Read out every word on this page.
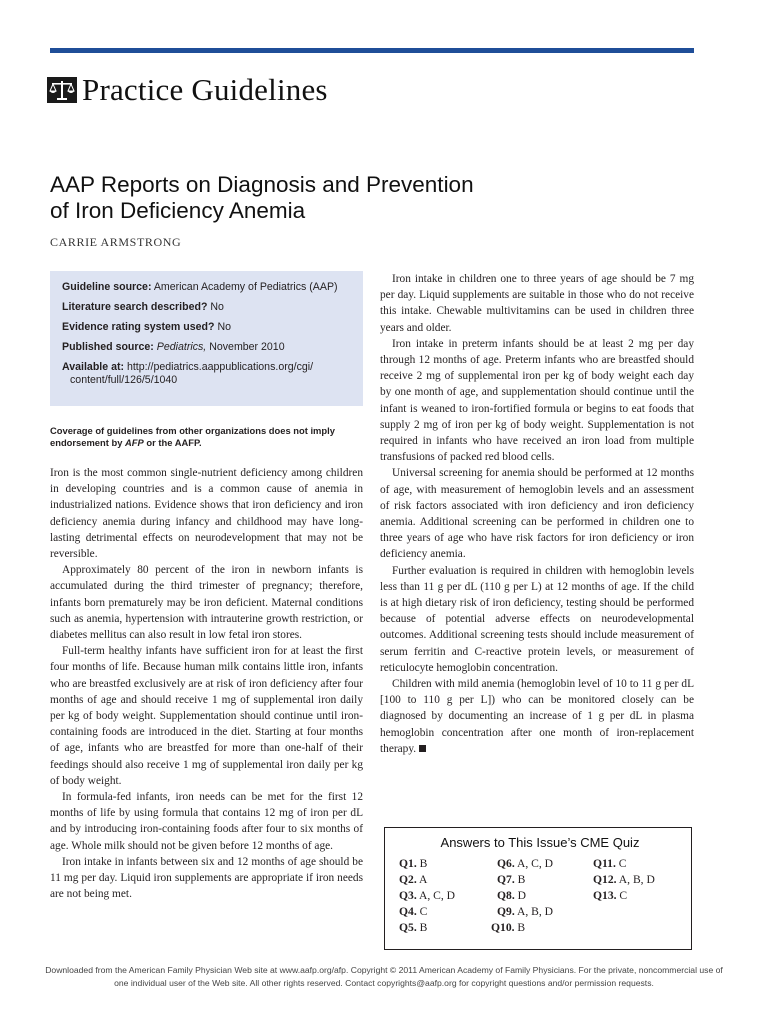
Practice Guidelines
AAP Reports on Diagnosis and Prevention
of Iron Deficiency Anemia
CARRIE ARMSTRONG
Guideline source: American Academy of Pediatrics (AAP)
Literature search described? No
Evidence rating system used? No
Published source: Pediatrics, November 2010
Available at: http://pediatrics.aappublications.org/cgi/
content/full/126/5/1040
Coverage of guidelines from other organizations does not imply endorsement by AFP or the AAFP.

Iron is the most common single-nutrient deficiency among children in developing countries and is a common cause of anemia in industrialized nations. Evidence shows that iron deficiency and iron deficiency anemia during infancy and childhood may have long-lasting detrimental effects on neurodevelopment that may not be reversible.

Approximately 80 percent of the iron in newborn infants is accumulated during the third trimester of pregnancy; therefore, infants born prematurely may be iron deficient. Maternal conditions such as anemia, hypertension with intrauterine growth restriction, or diabetes mellitus can also result in low fetal iron stores.

Full-term healthy infants have sufficient iron for at least the first four months of life. Because human milk contains little iron, infants who are breastfed exclusively are at risk of iron deficiency after four months of age and should receive 1 mg of supplemental iron daily per kg of body weight. Supplementation should continue until iron-containing foods are introduced in the diet. Starting at four months of age, infants who are breastfed for more than one-half of their feedings should also receive 1 mg of supplemental iron daily per kg of body weight.

In formula-fed infants, iron needs can be met for the first 12 months of life by using formula that contains 12 mg of iron per dL and by introducing iron-containing foods after four to six months of age. Whole milk should not be given before 12 months of age.

Iron intake in infants between six and 12 months of age should be 11 mg per day. Liquid iron supplements are appropriate if iron needs are not being met.

Iron intake in children one to three years of age should be 7 mg per day. Liquid supplements are suitable in those who do not receive this intake. Chewable multivitamins can be used in children three years and older.

Iron intake in preterm infants should be at least 2 mg per day through 12 months of age. Preterm infants who are breastfed should receive 2 mg of supplemental iron per kg of body weight each day by one month of age, and supplementation should continue until the infant is weaned to iron-fortified formula or begins to eat foods that supply 2 mg of iron per kg of body weight. Supplementation is not required in infants who have received an iron load from multiple transfusions of packed red blood cells.

Universal screening for anemia should be performed at 12 months of age, with measurement of hemoglobin levels and an assessment of risk factors associated with iron deficiency and iron deficiency anemia. Additional screening can be performed in children one to three years of age who have risk factors for iron deficiency or iron deficiency anemia.

Further evaluation is required in children with hemoglobin levels less than 11 g per dL (110 g per L) at 12 months of age. If the child is at high dietary risk of iron deficiency, testing should be performed because of potential adverse effects on neurodevelopmental outcomes. Additional screening tests should include measurement of serum ferritin and C-reactive protein levels, or measurement of reticulocyte hemoglobin concentration.

Children with mild anemia (hemoglobin level of 10 to 11 g per dL [100 to 110 g per L]) who can be monitored closely can be diagnosed by documenting an increase of 1 g per dL in plasma hemoglobin concentration after one month of iron-replacement therapy.

Answers to This Issue’s CME Quiz
Q1. B
Q2. A
Q3. A, C, D
Q4. C
Q5. B
Q6. A, C, D
Q7. B
Q8. D
Q9. A, B, D
Q10. B
Q11. C
Q12. A, B, D
Q13. C
Downloaded from the American Family Physician Web site at www.aafp.org/afp. Copyright © 2011 American Academy of Family Physicians. For the private, noncommercial use of
one individual user of the Web site. All other rights reserved. Contact copyrights@aafp.org for copyright questions and/or permission requests.
